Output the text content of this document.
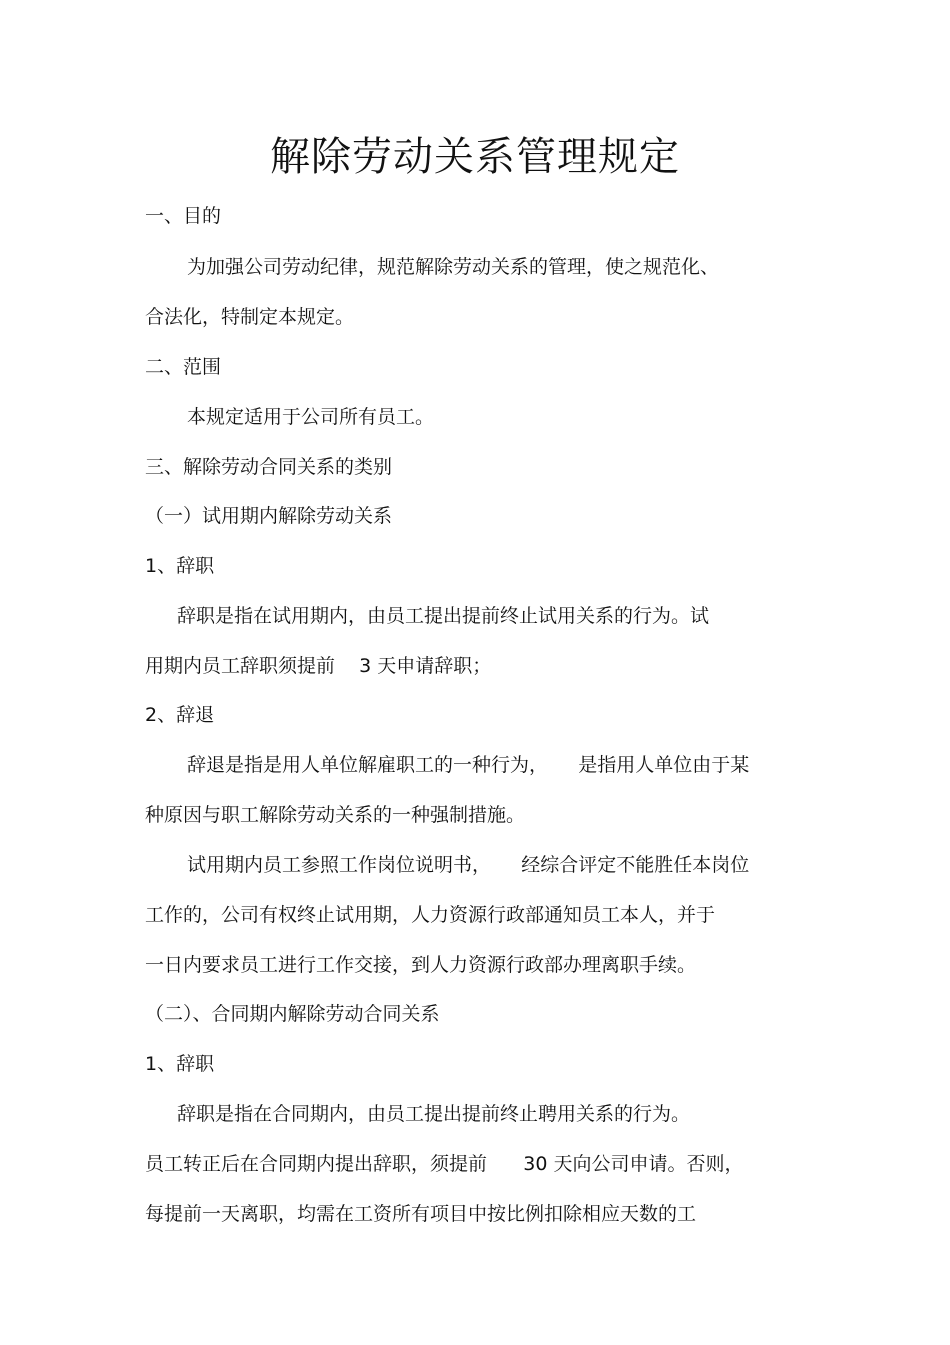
解除劳动关系管理规定
一、目的
为加强公司劳动纪律，规范解除劳动关系的管理，使之规范化、
合法化，特制定本规定。
二、范围
本规定适用于公司所有员工。
三、解除劳动合同关系的类别
（一）试用期内解除劳动关系
1、辞职
辞职是指在试用期内，由员工提出提前终止试用关系的行为。试
用期内员工辞职须提前    3 天申请辞职；
2、辞退
辞退是指是用人单位解雇职工的一种行为，     是指用人单位由于某
种原因与职工解除劳动关系的一种强制措施。
试用期内员工参照工作岗位说明书，     经综合评定不能胜任本岗位
工作的，公司有权终止试用期，人力资源行政部通知员工本人，并于
一日内要求员工进行工作交接，到人力资源行政部办理离职手续。
（二）、合同期内解除劳动合同关系
1、辞职
辞职是指在合同期内，由员工提出提前终止聘用关系的行为。
员工转正后在合同期内提出辞职，须提前      30 天向公司申请。否则，
每提前一天离职，均需在工资所有项目中按比例扣除相应天数的工
